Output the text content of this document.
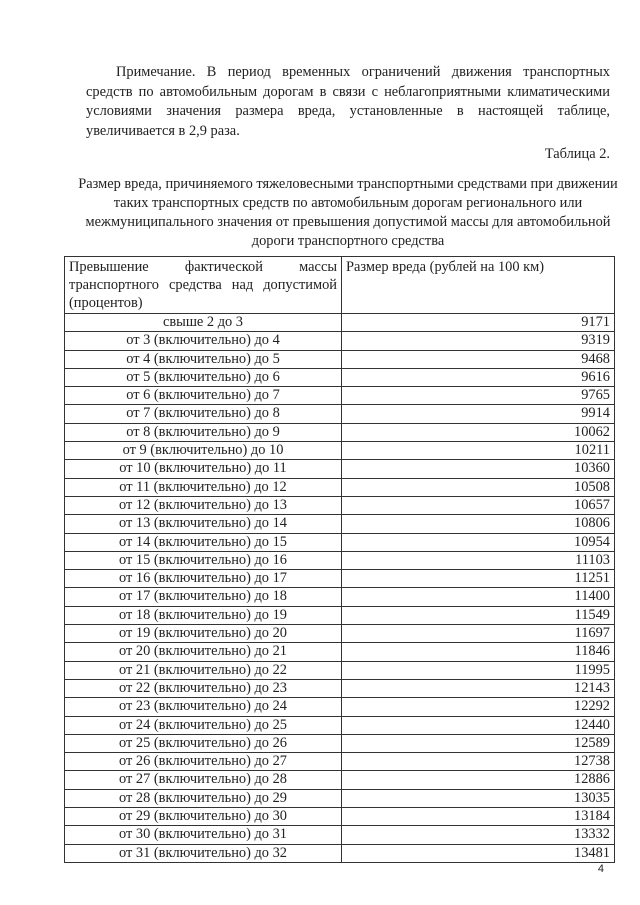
Примечание. В период временных ограничений движения транспортных средств по автомобильным дорогам в связи с неблагоприятными климатическими условиями значения размера вреда, установленные в настоящей таблице, увеличивается в 2,9 раза.

Таблица 2.

Размер вреда, причиняемого тяжеловесными транспортными средствами при движении таких транспортных средств по автомобильным дорогам регионального или межмуниципального значения от превышения допустимой массы для автомобильной дороги транспортного средства

Превышение фактической массы транспортного средства над допустимой (процентов)	Размер вреда (рублей на 100 км)
свыше 2 до 3	9171
от 3 (включительно) до 4	9319
от 4 (включительно) до 5	9468
от 5 (включительно) до 6	9616
от 6 (включительно) до 7	9765
от 7 (включительно) до 8	9914
от 8 (включительно) до 9	10062
от 9 (включительно) до 10	10211
от 10 (включительно) до 11	10360
от 11 (включительно) до 12	10508
от 12 (включительно) до 13	10657
от 13 (включительно) до 14	10806
от 14 (включительно) до 15	10954
от 15 (включительно) до 16	11103
от 16 (включительно) до 17	11251
от 17 (включительно) до 18	11400
от 18 (включительно) до 19	11549
от 19 (включительно) до 20	11697
от 20 (включительно) до 21	11846
от 21 (включительно) до 22	11995
от 22 (включительно) до 23	12143
от 23 (включительно) до 24	12292
от 24 (включительно) до 25	12440
от 25 (включительно) до 26	12589
от 26 (включительно) до 27	12738
от 27 (включительно) до 28	12886
от 28 (включительно) до 29	13035
от 29 (включительно) до 30	13184
от 30 (включительно) до 31	13332
от 31 (включительно) до 32	13481

4
